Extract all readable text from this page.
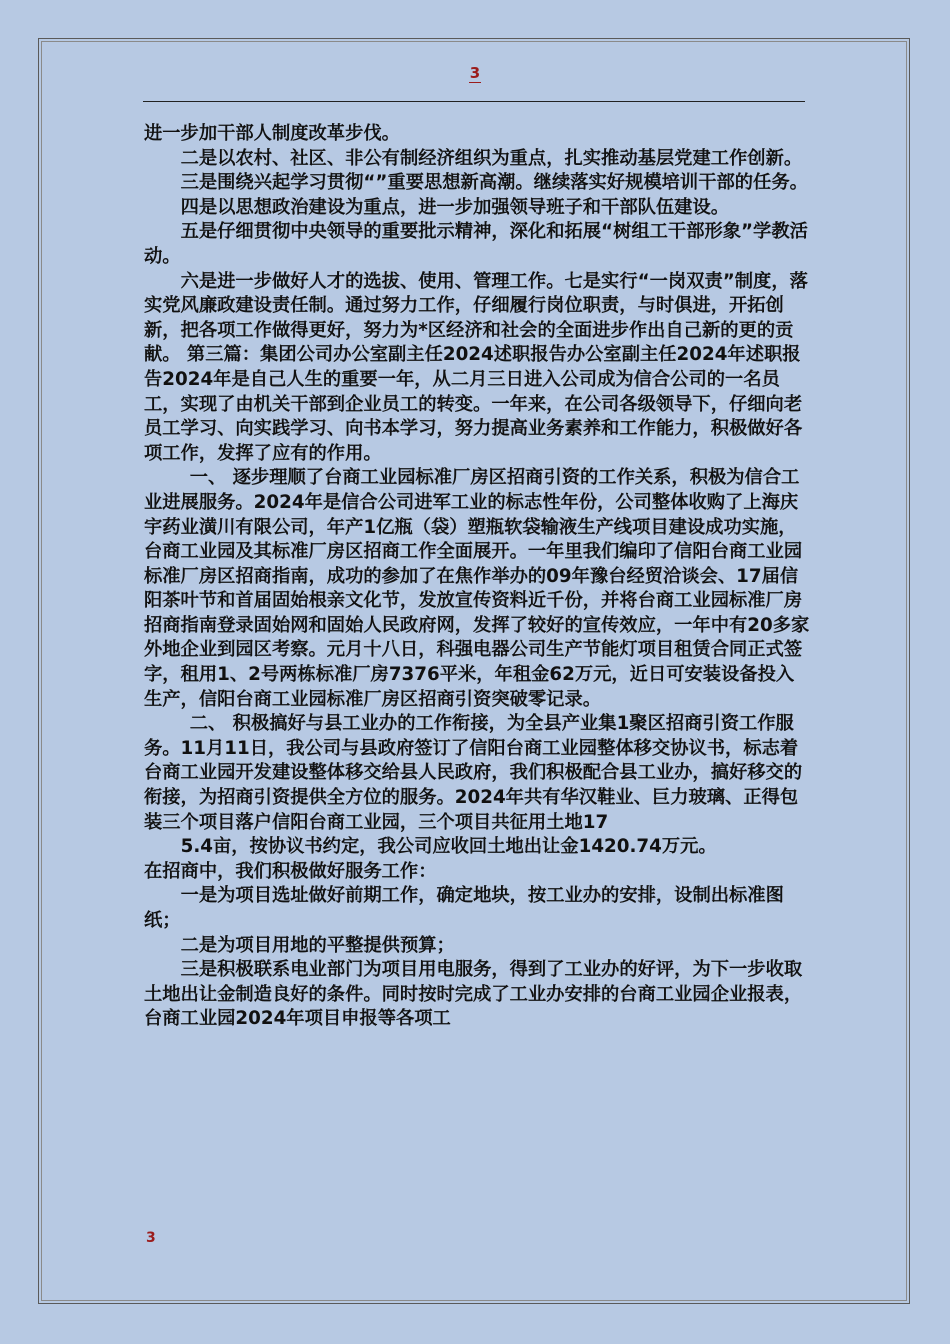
3

进一步加干部人制度改革步伐。

二是以农村、社区、非公有制经济组织为重点，扎实推动基层党建工作创新。

三是围绕兴起学习贯彻“”重要思想新高潮。继续落实好规模培训干部的任务。

四是以思想政治建设为重点，进一步加强领导班子和干部队伍建设。

五是仔细贯彻中央领导的重要批示精神，深化和拓展“树组工干部形象”学教活动。

六是进一步做好人才的选拔、使用、管理工作。七是实行“一岗双责”制度，落实党风廉政建设责任制。通过努力工作，仔细履行岗位职责，与时俱进，开拓创新，把各项工作做得更好，努力为*区经济和社会的全面进步作出自己新的更的贡献。 第三篇：集团公司办公室副主任2024述职报告办公室副主任2024年述职报告2024年是自己人生的重要一年，从二月三日进入公司成为信合公司的一名员工，实现了由机关干部到企业员工的转变。一年来，在公司各级领导下，仔细向老员工学习、向实践学习、向书本学习，努力提高业务素养和工作能力，积极做好各项工作，发挥了应有的作用。

一、 逐步理顺了台商工业园标准厂房区招商引资的工作关系，积极为信合工业进展服务。2024年是信合公司进军工业的标志性年份，公司整体收购了上海庆宇药业潢川有限公司，年产1亿瓶（袋）塑瓶软袋输液生产线项目建设成功实施，台商工业园及其标准厂房区招商工作全面展开。一年里我们编印了信阳台商工业园标准厂房区招商指南，成功的参加了在焦作举办的09年豫台经贸洽谈会、17届信阳茶叶节和首届固始根亲文化节，发放宣传资料近千份，并将台商工业园标准厂房招商指南登录固始网和固始人民政府网，发挥了较好的宣传效应，一年中有20多家外地企业到园区考察。元月十八日，科强电器公司生产节能灯项目租赁合同正式签字，租用1、2号两栋标准厂房7376平米，年租金62万元，近日可安装设备投入生产，信阳台商工业园标准厂房区招商引资突破零记录。

二、 积极搞好与县工业办的工作衔接，为全县产业集1聚区招商引资工作服务。11月11日，我公司与县政府签订了信阳台商工业园整体移交协议书，标志着台商工业园开发建设整体移交给县人民政府，我们积极配合县工业办，搞好移交的衔接，为招商引资提供全方位的服务。2024年共有华汉鞋业、巨力玻璃、正得包装三个项目落户信阳台商工业园，三个项目共征用土地17

5.4亩，按协议书约定，我公司应收回土地出让金1420.74万元。

在招商中，我们积极做好服务工作：

一是为项目选址做好前期工作，确定地块，按工业办的安排，设制出标准图纸；

二是为项目用地的平整提供预算；

三是积极联系电业部门为项目用电服务，得到了工业办的好评，为下一步收取土地出让金制造良好的条件。同时按时完成了工业办安排的台商工业园企业报表，台商工业园2024年项目申报等各项工

3
